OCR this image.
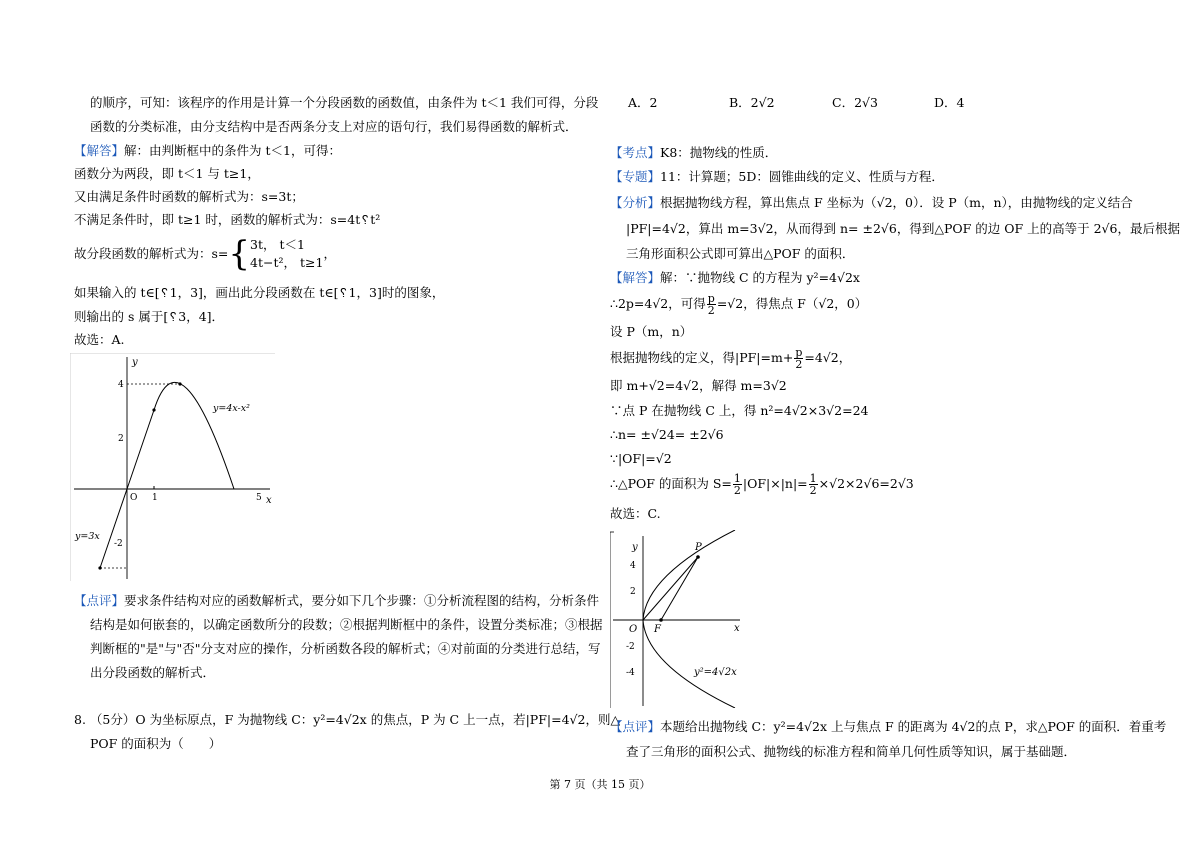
的顺序，可知：该程序的作用是计算一个分段函数的函数值，由条件为 t＜1 我们可得，分段
函数的分类标准，由分支结构中是否两条分支上对应的语句行，我们易得函数的解析式．
【解答】解：由判断框中的条件为 t＜1，可得：
函数分为两段，即 t＜1 与 t≥1，
又由满足条件时函数的解析式为：s=3t；
不满足条件时，即 t≥1 时，函数的解析式为：s=4t␦t²
故分段函数的解析式为：s={ 3t， t＜1
4t−t²， t≥1
，
如果输入的 t∈[␦1，3]，画出此分段函数在 t∈[␦1，3]时的图象，
则输出的 s 属于[␦3，4]．
故选：A.
y
x
O 1	5
4
2
-2
y=4x-x²
y=3x
【点评】要求条件结构对应的函数解析式，要分如下几个步骤：①分析流程图的结构，分析条件
结构是如何嵌套的，以确定函数所分的段数；②根据判断框中的条件，设置分类标准；③根据
判断框的"是"与"否"分支对应的操作，分析函数各段的解析式；④对前面的分类进行总结，写
出分段函数的解析式．
8. （5分）O 为坐标原点，F 为抛物线 C：y²=4√2x 的焦点，P 为 C 上一点，若|PF|=4√2，则△
POF 的面积为（　　）
A．2	B．2√2	C．2√3	D．4
【考点】K8：抛物线的性质．
【专题】11：计算题；5D：圆锥曲线的定义、性质与方程．
【分析】根据抛物线方程，算出焦点 F 坐标为（√2，0）．设 P（m，n），由抛物线的定义结合
|PF|=4√2，算出 m=3√2，从而得到 n= ±2√6，得到△POF 的边 OF 上的高等于 2√6，最后根据
三角形面积公式即可算出△POF 的面积．
【解答】解：∵抛物线 C 的方程为 y²=4√2x
∴2p=4√2，可得 $\frac{p}{2} =√2$，得焦点 F（√2，0）
设 P（m，n）
根据抛物线的定义，得$|PF|=m+ \frac{p}{2} =4√2$，
即 m+√2=4√2，解得 m=3√2
∵点 P 在抛物线 C 上，得 n²=4√2×3√2=24
∴n= ±√24= ±2√6
∵|OF|=√2
∴△POF 的面积为 $S= \frac{1}{2} |OF|\times|n|= \frac{1}{2} \times√2\times 2√6=2√3$
故选：C.
y
x
O
4
2
-2
-4
P
F
y²=4√2x
【点评】本题给出抛物线 C：y²=4√2x 上与焦点 F 的距离为 4√2的点 P，求△POF 的面积．着重考
查了三角形的面积公式、抛物线的标准方程和简单几何性质等知识，属于基础题．
第 7 页（共 15 页）
